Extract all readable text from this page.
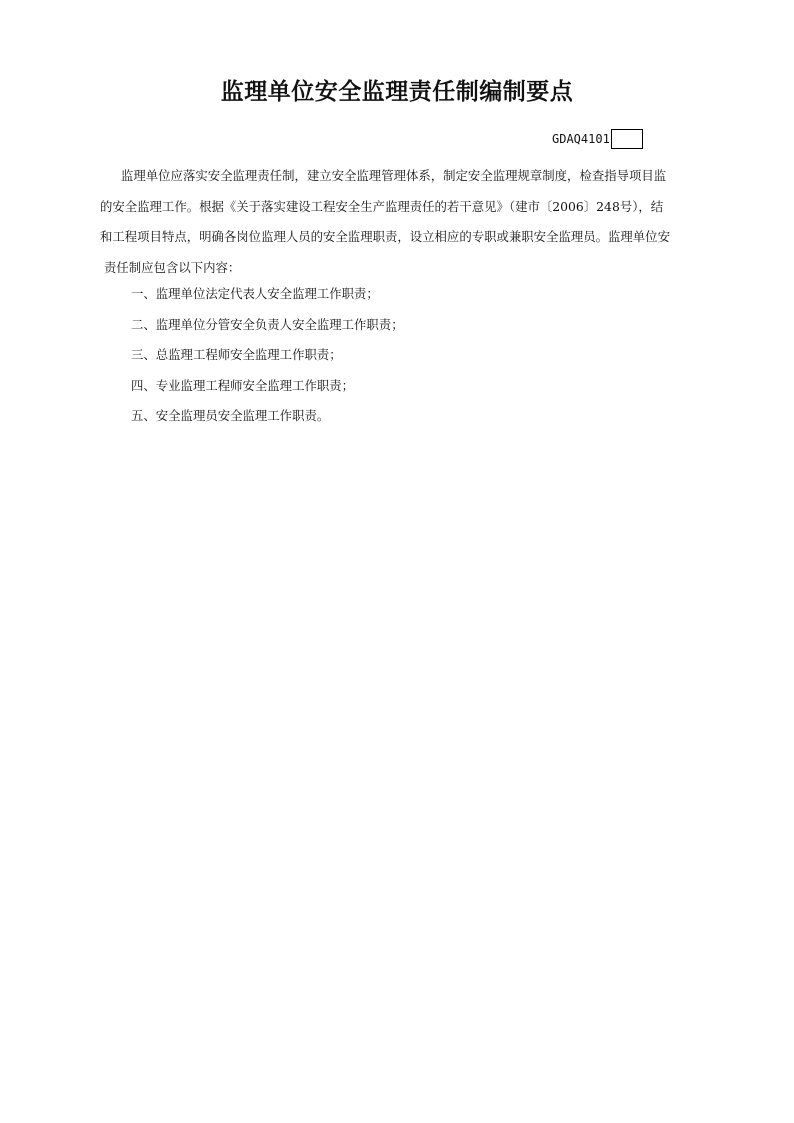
监理单位安全监理责任制编制要点
GDAQ4101
监理单位应落实安全监理责任制，建立安全监理管理体系，制定安全监理规章制度，检查指导项目监
的安全监理工作。根据《关于落实建设工程安全生产监理责任的若干意见》（建市〔2006〕248号），结
和工程项目特点，明确各岗位监理人员的安全监理职责，设立相应的专职或兼职安全监理员。监理单位安
责任制应包含以下内容：
一、监理单位法定代表人安全监理工作职责；
二、监理单位分管安全负责人安全监理工作职责；
三、总监理工程师安全监理工作职责；
四、专业监理工程师安全监理工作职责；
五、安全监理员安全监理工作职责。
